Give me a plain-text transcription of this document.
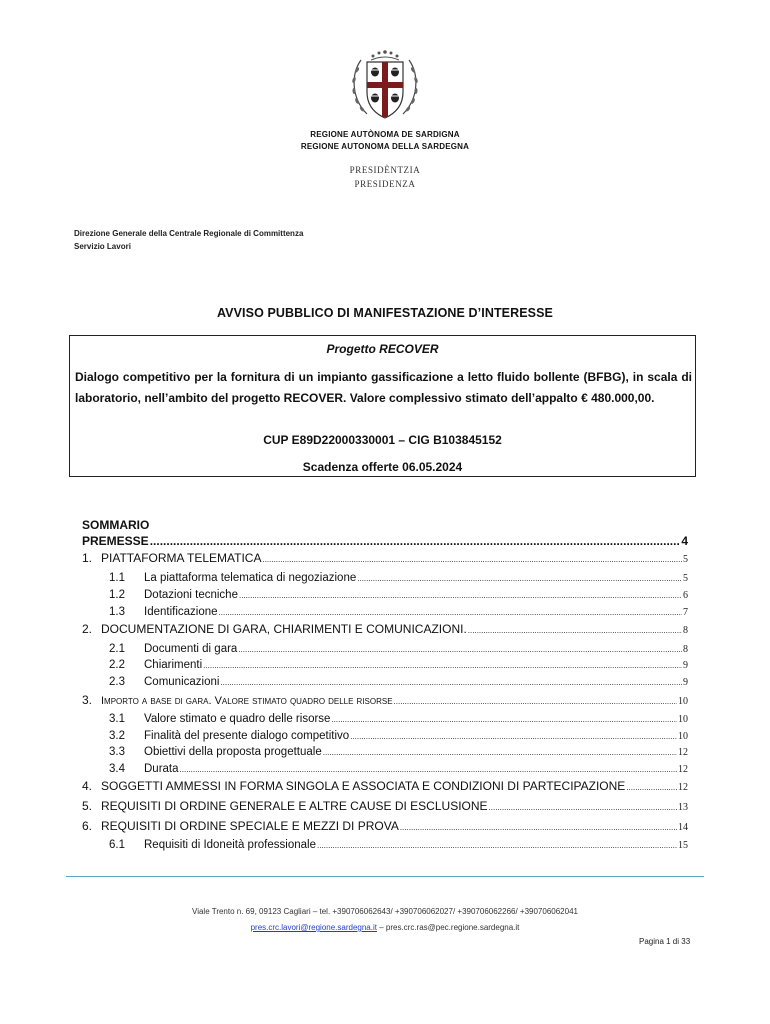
REGIONE AUTÒNOMA DE SARDIGNA
REGIONE AUTONOMA DELLA SARDEGNA
PRESIDÈNTZIA
PRESIDENZA
Direzione Generale della Centrale Regionale di Committenza
Servizio Lavori
AVVISO PUBBLICO DI MANIFESTAZIONE D’INTERESSE
Progetto RECOVER
Dialogo competitivo per la fornitura di un impianto gassificazione a letto fluido bollente (BFBG), in scala di laboratorio, nell’ambito del progetto RECOVER. Valore complessivo stimato dell’appalto € 480.000,00.
CUP E89D22000330001 – CIG B103845152
Scadenza offerte 06.05.2024
SOMMARIO
PREMESSE .....	4
1. PIATTAFORMA TELEMATICA .....	5
1.1	La piattaforma telematica di negoziazione .....	5
1.2	Dotazioni tecniche .....	6
1.3	Identificazione .....	7
2. DOCUMENTAZIONE DI GARA, CHIARIMENTI E COMUNICAZIONI. .....	8
2.1	Documenti di gara .....	8
2.2	Chiarimenti .....	9
2.3	Comunicazioni .....	9
3. Importo a base di gara. Valore stimato quadro delle risorse .....	10
3.1	Valore stimato e quadro delle risorse .....	10
3.2	Finalità del presente dialogo competitivo .....	10
3.3	Obiettivi della proposta progettuale .....	12
3.4	Durata .....	12
4. SOGGETTI AMMESSI IN FORMA SINGOLA E ASSOCIATA E CONDIZIONI DI PARTECIPAZIONE .....	12
5. REQUISITI DI ORDINE GENERALE E ALTRE CAUSE DI ESCLUSIONE .....	13
6. REQUISITI DI ORDINE SPECIALE E MEZZI DI PROVA .....	14
6.1	Requisiti di Idoneità professionale .....	15
Viale Trento n. 69, 09123 Cagliari – tel. +390706062643/ +390706062027/ +390706062266/ +390706062041
pres.crc.lavori@regione.sardegna.it – pres.crc.ras@pec.regione.sardegna.it
Pagina 1 di 33
